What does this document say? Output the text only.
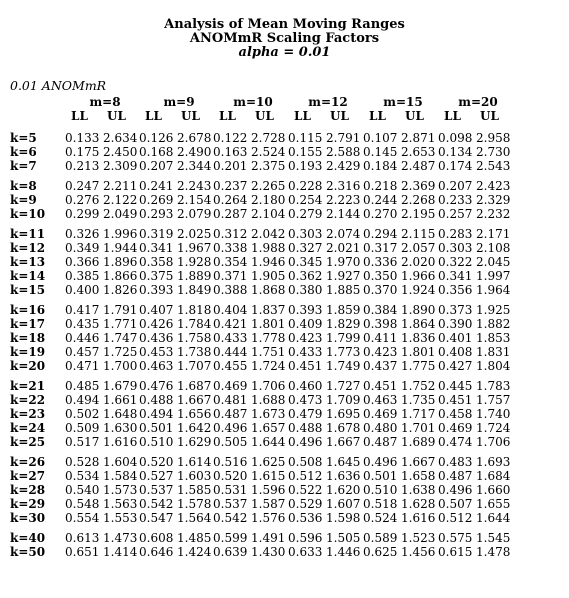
Analysis of Mean Moving Ranges
ANOMmR Scaling Factors
alpha = 0.01
0.01 ANOMmR
m=8	m=9	m=10	m=12	m=15	m=20
LL UL LL UL LL UL LL UL LL UL LL UL
k=5 0.133 2.634 0.126 2.678 0.122 2.728 0.115 2.791 0.107 2.871 0.098 2.958
k=6 0.175 2.450 0.168 2.490 0.163 2.524 0.155 2.588 0.145 2.653 0.134 2.730
k=7 0.213 2.309 0.207 2.344 0.201 2.375 0.193 2.429 0.184 2.487 0.174 2.543
k=8 0.247 2.211 0.241 2.243 0.237 2.265 0.228 2.316 0.218 2.369 0.207 2.423
k=9 0.276 2.122 0.269 2.154 0.264 2.180 0.254 2.223 0.244 2.268 0.233 2.329
k=10 0.299 2.049 0.293 2.079 0.287 2.104 0.279 2.144 0.270 2.195 0.257 2.232
k=11 0.326 1.996 0.319 2.025 0.312 2.042 0.303 2.074 0.294 2.115 0.283 2.171
k=12 0.349 1.944 0.341 1.967 0.338 1.988 0.327 2.021 0.317 2.057 0.303 2.108
k=13 0.366 1.896 0.358 1.928 0.354 1.946 0.345 1.970 0.336 2.020 0.322 2.045
k=14 0.385 1.866 0.375 1.889 0.371 1.905 0.362 1.927 0.350 1.966 0.341 1.997
k=15 0.400 1.826 0.393 1.849 0.388 1.868 0.380 1.885 0.370 1.924 0.356 1.964
k=16 0.417 1.791 0.407 1.818 0.404 1.837 0.393 1.859 0.384 1.890 0.373 1.925
k=17 0.435 1.771 0.426 1.784 0.421 1.801 0.409 1.829 0.398 1.864 0.390 1.882
k=18 0.446 1.747 0.436 1.758 0.433 1.778 0.423 1.799 0.411 1.836 0.401 1.853
k=19 0.457 1.725 0.453 1.738 0.444 1.751 0.433 1.773 0.423 1.801 0.408 1.831
k=20 0.471 1.700 0.463 1.707 0.455 1.724 0.451 1.749 0.437 1.775 0.427 1.804
k=21 0.485 1.679 0.476 1.687 0.469 1.706 0.460 1.727 0.451 1.752 0.445 1.783
k=22 0.494 1.661 0.488 1.667 0.481 1.688 0.473 1.709 0.463 1.735 0.451 1.757
k=23 0.502 1.648 0.494 1.656 0.487 1.673 0.479 1.695 0.469 1.717 0.458 1.740
k=24 0.509 1.630 0.501 1.642 0.496 1.657 0.488 1.678 0.480 1.701 0.469 1.724
k=25 0.517 1.616 0.510 1.629 0.505 1.644 0.496 1.667 0.487 1.689 0.474 1.706
k=26 0.528 1.604 0.520 1.614 0.516 1.625 0.508 1.645 0.496 1.667 0.483 1.693
k=27 0.534 1.584 0.527 1.603 0.520 1.615 0.512 1.636 0.501 1.658 0.487 1.684
k=28 0.540 1.573 0.537 1.585 0.531 1.596 0.522 1.620 0.510 1.638 0.496 1.660
k=29 0.548 1.563 0.542 1.578 0.537 1.587 0.529 1.607 0.518 1.628 0.507 1.655
k=30 0.554 1.553 0.547 1.564 0.542 1.576 0.536 1.598 0.524 1.616 0.512 1.644
k=40 0.613 1.473 0.608 1.485 0.599 1.491 0.596 1.505 0.589 1.523 0.575 1.545
k=50 0.651 1.414 0.646 1.424 0.639 1.430 0.633 1.446 0.625 1.456 0.615 1.478
